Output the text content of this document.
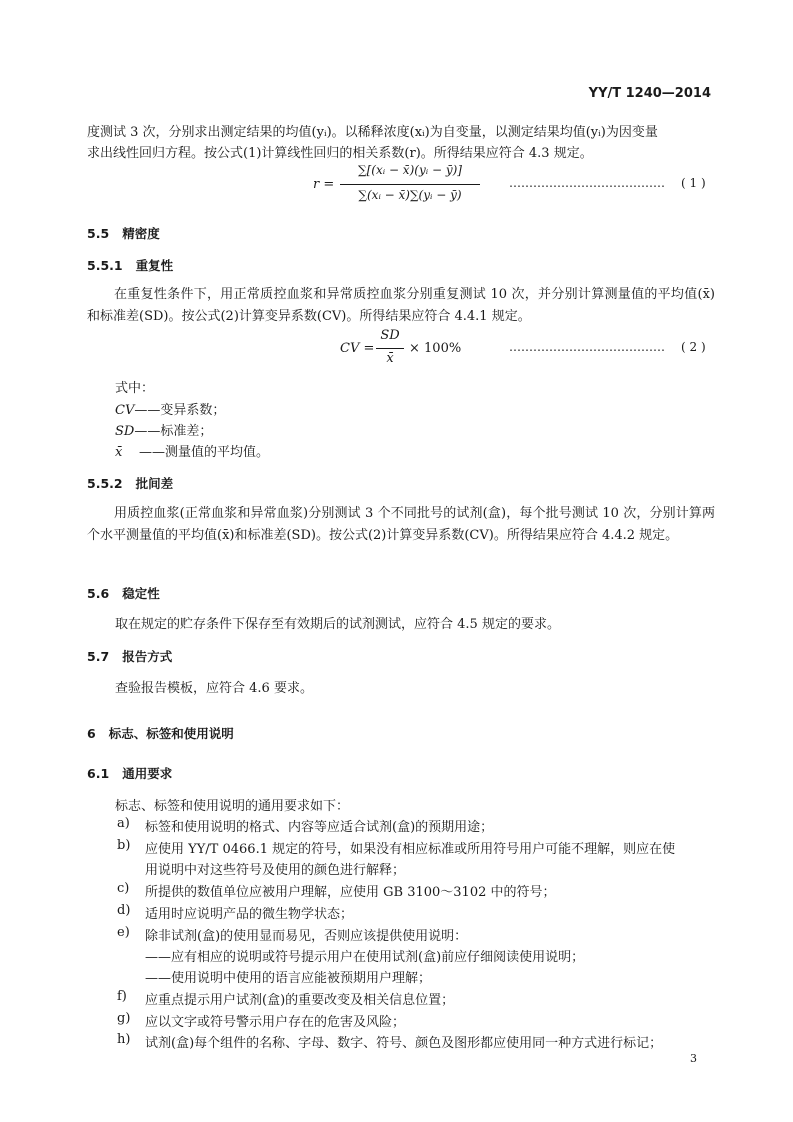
YY/T 1240—2014
度测试 3 次，分别求出测定结果的均值(yᵢ)。以稀释浓度(xᵢ)为自变量，以测定结果均值(yᵢ)为因变量
求出线性回归方程。按公式(1)计算线性回归的相关系数(r)。所得结果应符合 4.3 规定。
r =
∑[(xᵢ − x̄)(yᵢ − ȳ)]
∑(xᵢ − x̄)∑(yᵢ − ȳ)
………………………………… ( 1 )
5.5 精密度
5.5.1 重复性
在重复性条件下，用正常质控血浆和异常质控血浆分别重复测试 10 次，并分别计算测量值的平均值(x̄)和标准差(SD)。按公式(2)计算变异系数(CV)。所得结果应符合 4.4.1 规定。
CV =
SD
x̄
× 100%	………………………………… ( 2 )
式中：
CV——变异系数；
SD——标准差；
x̄ ——测量值的平均值。
5.5.2 批间差
用质控血浆(正常血浆和异常血浆)分别测试 3 个不同批号的试剂(盒)，每个批号测试 10 次，分别计算两个水平测量值的平均值(x̄)和标准差(SD)。按公式(2)计算变异系数(CV)。所得结果应符合 4.4.2 规定。
5.6 稳定性
取在规定的贮存条件下保存至有效期后的试剂测试，应符合 4.5 规定的要求。
5.7 报告方式
查验报告模板，应符合 4.6 要求。
6 标志、标签和使用说明
6.1 通用要求
标志、标签和使用说明的通用要求如下：
a) 标签和使用说明的格式、内容等应适合试剂(盒)的预期用途；
b) 应使用 YY/T 0466.1 规定的符号，如果没有相应标准或所用符号用户可能不理解，则应在使
用说明中对这些符号及使用的颜色进行解释；
c) 所提供的数值单位应被用户理解，应使用 GB 3100～3102 中的符号；
d) 适用时应说明产品的微生物学状态；
e) 除非试剂(盒)的使用显而易见，否则应该提供使用说明：
——应有相应的说明或符号提示用户在使用试剂(盒)前应仔细阅读使用说明；
——使用说明中使用的语言应能被预期用户理解；
f) 应重点提示用户试剂(盒)的重要改变及相关信息位置；
g) 应以文字或符号警示用户存在的危害及风险；
h) 试剂(盒)每个组件的名称、字母、数字、符号、颜色及图形都应使用同一种方式进行标记；
3
